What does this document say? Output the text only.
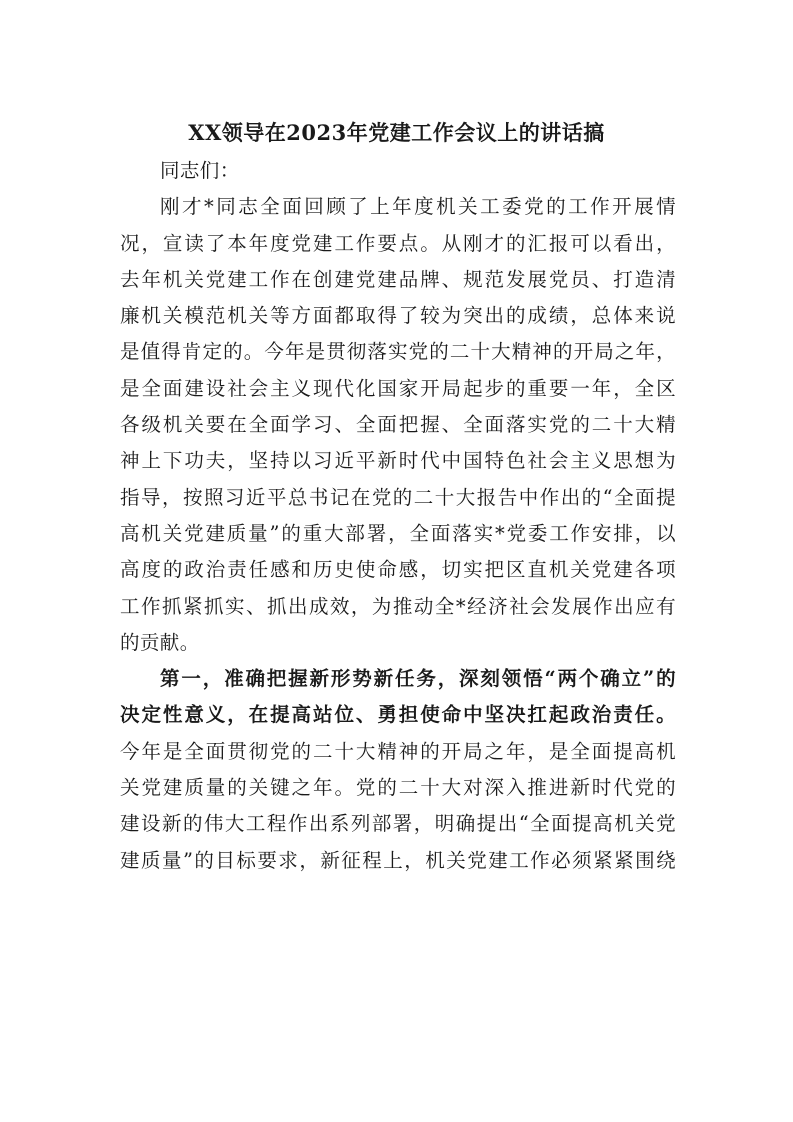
XX领导在2023年党建工作会议上的讲话搞
同志们：
刚才*同志全面回顾了上年度机关工委党的工作开展情
况，宣读了本年度党建工作要点。从刚才的汇报可以看出，
去年机关党建工作在创建党建品牌、规范发展党员、打造清
廉机关模范机关等方面都取得了较为突出的成绩，总体来说
是值得肯定的。今年是贯彻落实党的二十大精神的开局之年，
是全面建设社会主义现代化国家开局起步的重要一年，全区
各级机关要在全面学习、全面把握、全面落实党的二十大精
神上下功夫，坚持以习近平新时代中国特色社会主义思想为
指导，按照习近平总书记在党的二十大报告中作出的“全面提
高机关党建质量”的重大部署，全面落实*党委工作安排，以
高度的政治责任感和历史使命感，切实把区直机关党建各项
工作抓紧抓实、抓出成效，为推动全*经济社会发展作出应有
的贡献。
第一，准确把握新形势新任务，深刻领悟“两个确立”的
决定性意义，在提高站位、勇担使命中坚决扛起政治责任。
今年是全面贯彻党的二十大精神的开局之年，是全面提高机
关党建质量的关键之年。党的二十大对深入推进新时代党的
建设新的伟大工程作出系列部署，明确提出“全面提高机关党
建质量”的目标要求，新征程上，机关党建工作必须紧紧围绕
